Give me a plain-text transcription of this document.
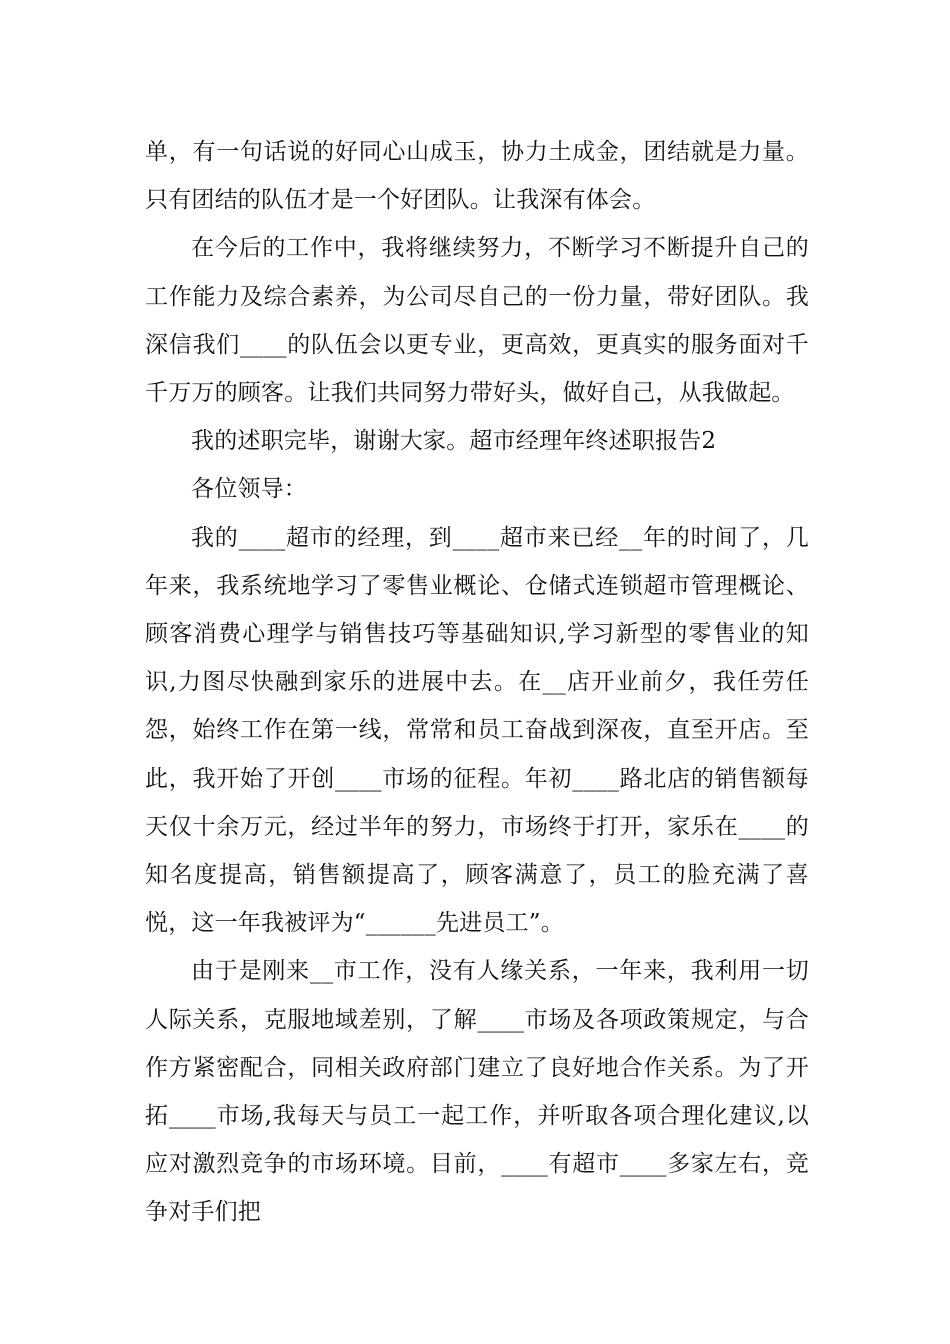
单，有一句话说的好同心山成玉，协力土成金，团结就是力量。只有团结的队伍才是一个好团队。让我深有体会。

在今后的工作中，我将继续努力，不断学习不断提升自己的工作能力及综合素养，为公司尽自己的一份力量，带好团队。我深信我们____的队伍会以更专业，更高效，更真实的服务面对千千万万的顾客。让我们共同努力带好头，做好自己，从我做起。

我的述职完毕，谢谢大家。超市经理年终述职报告2

各位领导：

我的____超市的经理，到____超市来已经__年的时间了，几年来，我系统地学习了零售业概论、仓储式连锁超市管理概论、顾客消费心理学与销售技巧等基础知识,学习新型的零售业的知识,力图尽快融到家乐的进展中去。在__店开业前夕，我任劳任怨，始终工作在第一线，常常和员工奋战到深夜，直至开店。至此，我开始了开创____市场的征程。年初____路北店的销售额每天仅十余万元，经过半年的努力，市场终于打开，家乐在____的知名度提高，销售额提高了，顾客满意了，员工的脸充满了喜悦，这一年我被评为“______先进员工”。

由于是刚来__市工作，没有人缘关系，一年来，我利用一切人际关系，克服地域差别，了解____市场及各项政策规定，与合作方紧密配合，同相关政府部门建立了良好地合作关系。为了开拓____市场,我每天与员工一起工作，并听取各项合理化建议,以应对激烈竞争的市场环境。目前，____有超市____多家左右，竞争对手们把
